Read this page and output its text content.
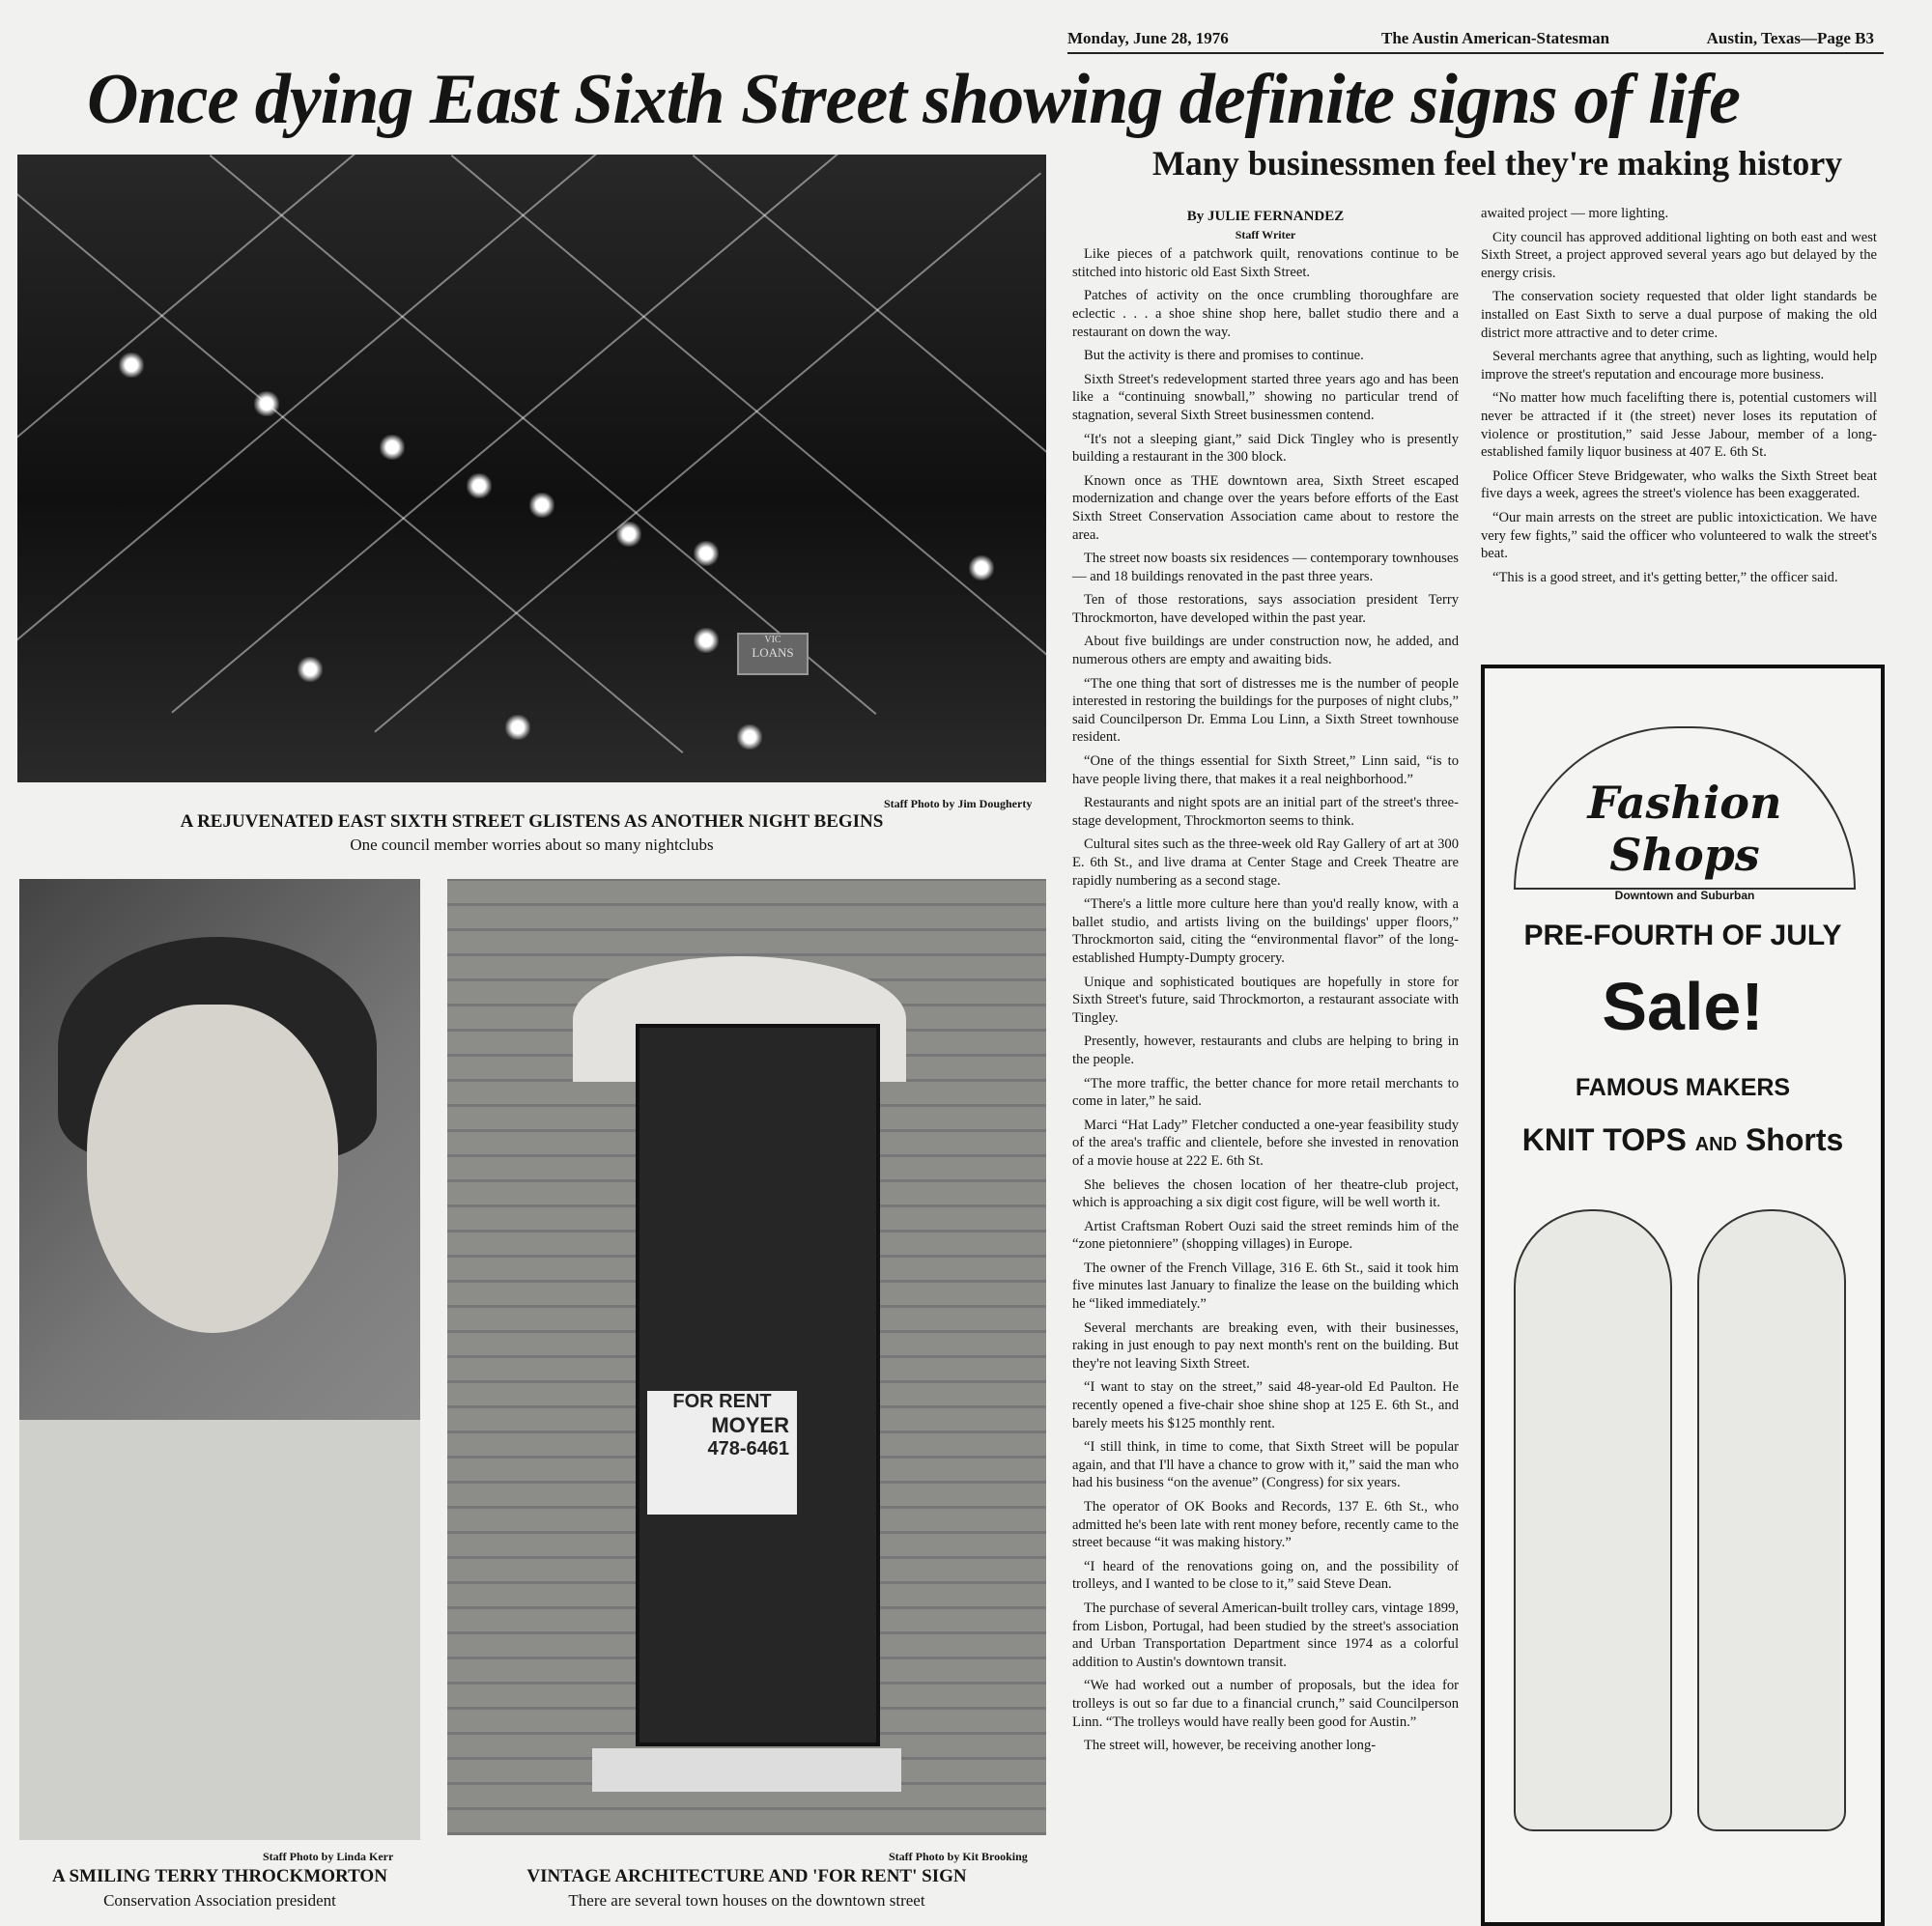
Monday, June 28, 1976	The Austin American-Statesman	Austin, Texas—Page B3
Once dying East Sixth Street showing definite signs of life
Many businessmen feel they're making history
VIC
LOANS
Staff Photo by Jim Dougherty
A REJUVENATED EAST SIXTH STREET GLISTENS AS ANOTHER NIGHT BEGINS
One council member worries about so many nightclubs
Staff Photo by Linda Kerr
A SMILING TERRY THROCKMORTON
Conservation Association president
FOR RENT
MOYER
478-6461
Staff Photo by Kit Brooking
VINTAGE ARCHITECTURE AND 'FOR RENT' SIGN
There are several town houses on the downtown street
By JULIE FERNANDEZ
Staff Writer

Like pieces of a patchwork quilt, renovations continue to be stitched into historic old East Sixth Street.

Patches of activity on the once crumbling thoroughfare are eclectic . . . a shoe shine shop here, ballet studio there and a restaurant on down the way.

But the activity is there and promises to continue.

Sixth Street's redevelopment started three years ago and has been like a “continuing snowball,” showing no particular trend of stagnation, several Sixth Street businessmen contend.

“It's not a sleeping giant,” said Dick Tingley who is presently building a restaurant in the 300 block.

Known once as THE downtown area, Sixth Street escaped modernization and change over the years before efforts of the East Sixth Street Conservation Association came about to restore the area.

The street now boasts six residences — contemporary townhouses — and 18 buildings renovated in the past three years.

Ten of those restorations, says association president Terry Throckmorton, have developed within the past year.

About five buildings are under construction now, he added, and numerous others are empty and awaiting bids.

“The one thing that sort of distresses me is the number of people interested in restoring the buildings for the purposes of night clubs,” said Councilperson Dr. Emma Lou Linn, a Sixth Street townhouse resident.

“One of the things essential for Sixth Street,” Linn said, “is to have people living there, that makes it a real neighborhood.”

Restaurants and night spots are an initial part of the street's three-stage development, Throckmorton seems to think.

Cultural sites such as the three-week old Ray Gallery of art at 300 E. 6th St., and live drama at Center Stage and Creek Theatre are rapidly numbering as a second stage.

“There's a little more culture here than you'd really know, with a ballet studio, and artists living on the buildings' upper floors,” Throckmorton said, citing the “environmental flavor” of the long-established Humpty-Dumpty grocery.

Unique and sophisticated boutiques are hopefully in store for Sixth Street's future, said Throckmorton, a restaurant associate with Tingley.

Presently, however, restaurants and clubs are helping to bring in the people.

“The more traffic, the better chance for more retail merchants to come in later,” he said.

Marci “Hat Lady” Fletcher conducted a one-year feasibility study of the area's traffic and clientele, before she invested in renovation of a movie house at 222 E. 6th St.

She believes the chosen location of her theatre-club project, which is approaching a six digit cost figure, will be well worth it.

Artist Craftsman Robert Ouzi said the street reminds him of the “zone pietonniere” (shopping villages) in Europe.

The owner of the French Village, 316 E. 6th St., said it took him five minutes last January to finalize the lease on the building which he “liked immediately.”

Several merchants are breaking even, with their businesses, raking in just enough to pay next month's rent on the building. But they're not leaving Sixth Street.

“I want to stay on the street,” said 48-year-old Ed Paulton. He recently opened a five-chair shoe shine shop at 125 E. 6th St., and barely meets his $125 monthly rent.

“I still think, in time to come, that Sixth Street will be popular again, and that I'll have a chance to grow with it,” said the man who had his business “on the avenue” (Congress) for six years.

The operator of OK Books and Records, 137 E. 6th St., who admitted he's been late with rent money before, recently came to the street because “it was making history.”

“I heard of the renovations going on, and the possibility of trolleys, and I wanted to be close to it,” said Steve Dean.

The purchase of several American-built trolley cars, vintage 1899, from Lisbon, Portugal, had been studied by the street's association and Urban Transportation Department since 1974 as a colorful addition to Austin's downtown transit.

“We had worked out a number of proposals, but the idea for trolleys is out so far due to a financial crunch,” said Councilperson Linn. “The trolleys would have really been good for Austin.”

The street will, however, be receiving another long-

awaited project — more lighting.

City council has approved additional lighting on both east and west Sixth Street, a project approved several years ago but delayed by the energy crisis.

The conservation society requested that older light standards be installed on East Sixth to serve a dual purpose of making the old district more attractive and to deter crime.

Several merchants agree that anything, such as lighting, would help improve the street's reputation and encourage more business.

“No matter how much facelifting there is, potential customers will never be attracted if it (the street) never loses its reputation of violence or prostitution,” said Jesse Jabour, member of a long-established family liquor business at 407 E. 6th St.

Police Officer Steve Bridgewater, who walks the Sixth Street beat five days a week, agrees the street's violence has been exaggerated.

“Our main arrests on the street are public intoxictication. We have very few fights,” said the officer who volunteered to walk the street's beat.

“This is a good street, and it's getting better,” the officer said.

Fashion Shops
Downtown and Suburban
PRE-FOURTH OF JULY
Sale!
FAMOUS MAKERS
KNIT TOPS AND Shorts
